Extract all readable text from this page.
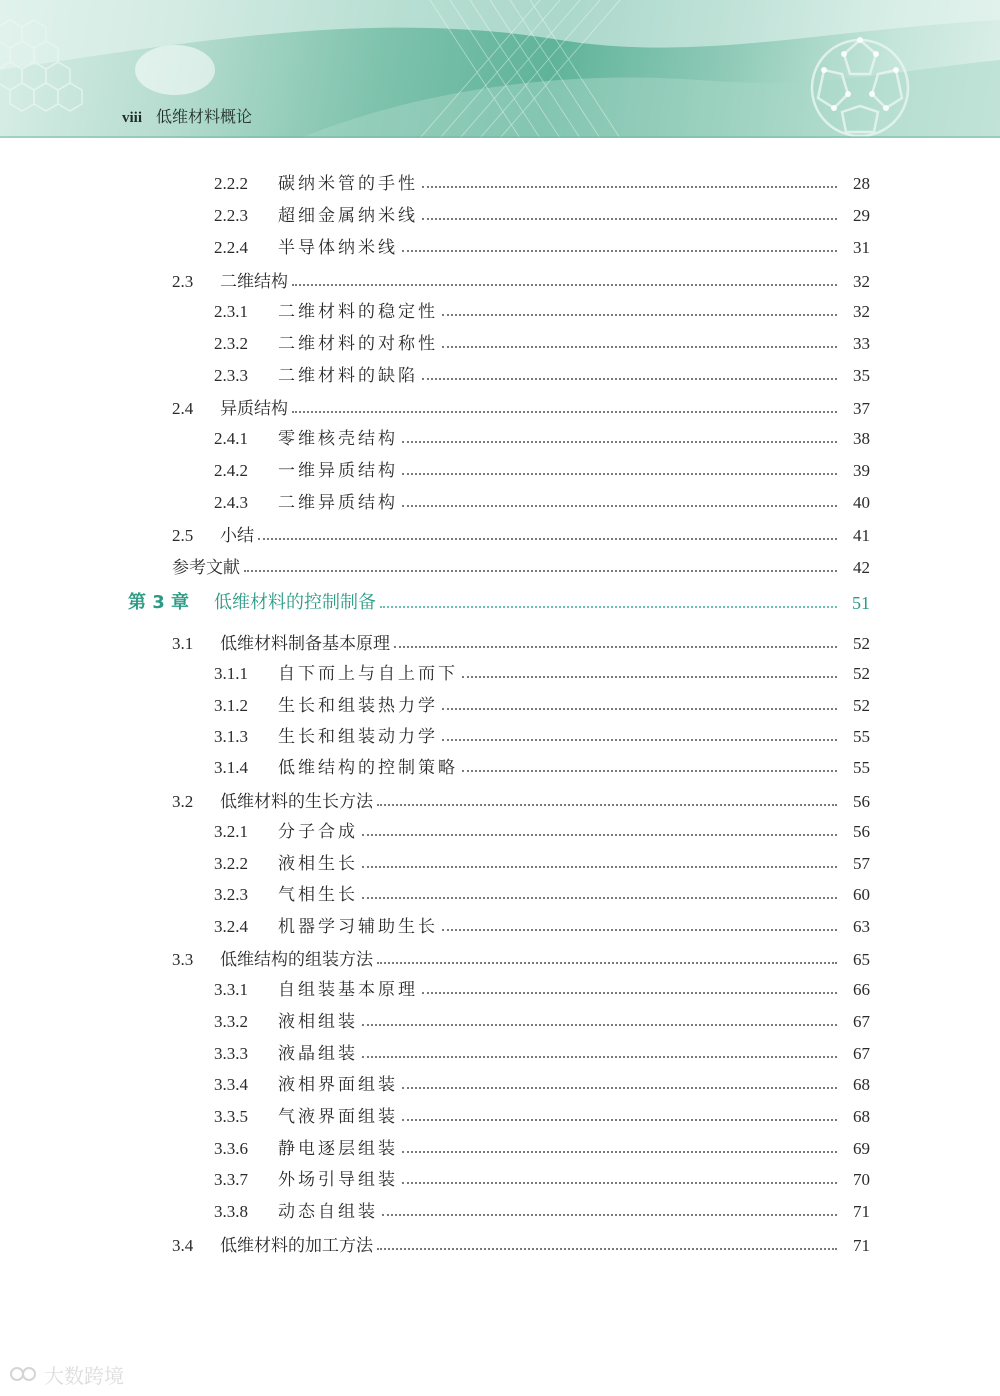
viii 低维材料概论
2.2.2	碳纳米管的手性	28
2.2.3	超细金属纳米线	29
2.2.4	半导体纳米线	31
2.3	二维结构	32
2.3.1	二维材料的稳定性	32
2.3.2	二维材料的对称性	33
2.3.3	二维材料的缺陷	35
2.4	异质结构	37
2.4.1	零维核壳结构	38
2.4.2	一维异质结构	39
2.4.3	二维异质结构	40
2.5	小结	41
参考文献	42
第 3 章	低维材料的控制制备	51
3.1	低维材料制备基本原理	52
3.1.1	自下而上与自上而下	52
3.1.2	生长和组装热力学	52
3.1.3	生长和组装动力学	55
3.1.4	低维结构的控制策略	55
3.2	低维材料的生长方法	56
3.2.1	分子合成	56
3.2.2	液相生长	57
3.2.3	气相生长	60
3.2.4	机器学习辅助生长	63
3.3	低维结构的组装方法	65
3.3.1	自组装基本原理	66
3.3.2	液相组装	67
3.3.3	液晶组装	67
3.3.4	液相界面组装	68
3.3.5	气液界面组装	68
3.3.6	静电逐层组装	69
3.3.7	外场引导组装	70
3.3.8	动态自组装	71
3.4	低维材料的加工方法	71
大数跨境
